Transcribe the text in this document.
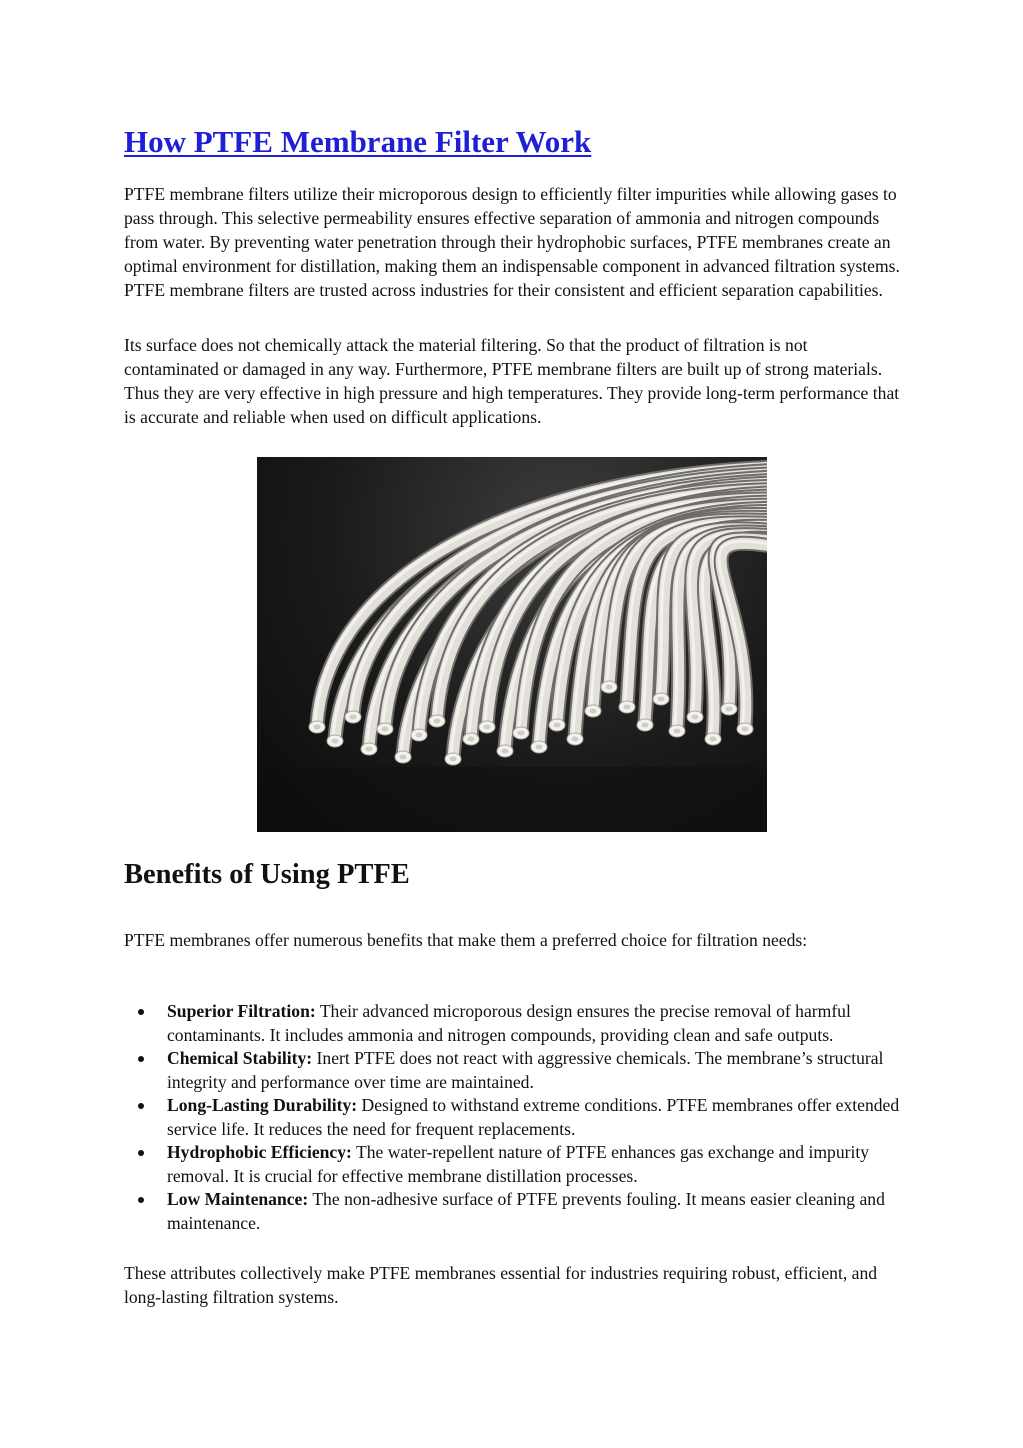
How PTFE Membrane Filter Work

PTFE membrane filters utilize their microporous design to efficiently filter impurities while allowing gases to pass through. This selective permeability ensures effective separation of ammonia and nitrogen compounds from water. By preventing water penetration through their hydrophobic surfaces, PTFE membranes create an optimal environment for distillation, making them an indispensable component in advanced filtration systems. PTFE membrane filters are trusted across industries for their consistent and efficient separation capabilities.

Its surface does not chemically attack the material filtering. So that the product of filtration is not contaminated or damaged in any way. Furthermore, PTFE membrane filters are built up of strong materials. Thus they are very effective in high pressure and high temperatures. They provide long-term performance that is accurate and reliable when used on difficult applications.

Benefits of Using PTFE

PTFE membranes offer numerous benefits that make them a preferred choice for filtration needs:

Superior Filtration: Their advanced microporous design ensures the precise removal of harmful contaminants. It includes ammonia and nitrogen compounds, providing clean and safe outputs.
Chemical Stability: Inert PTFE does not react with aggressive chemicals. The membrane’s structural integrity and performance over time are maintained.
Long-Lasting Durability: Designed to withstand extreme conditions. PTFE membranes offer extended service life. It reduces the need for frequent replacements.
Hydrophobic Efficiency: The water-repellent nature of PTFE enhances gas exchange and impurity removal. It is crucial for effective membrane distillation processes.
Low Maintenance: The non-adhesive surface of PTFE prevents fouling. It means easier cleaning and maintenance.

These attributes collectively make PTFE membranes essential for industries requiring robust, efficient, and long-lasting filtration systems.
